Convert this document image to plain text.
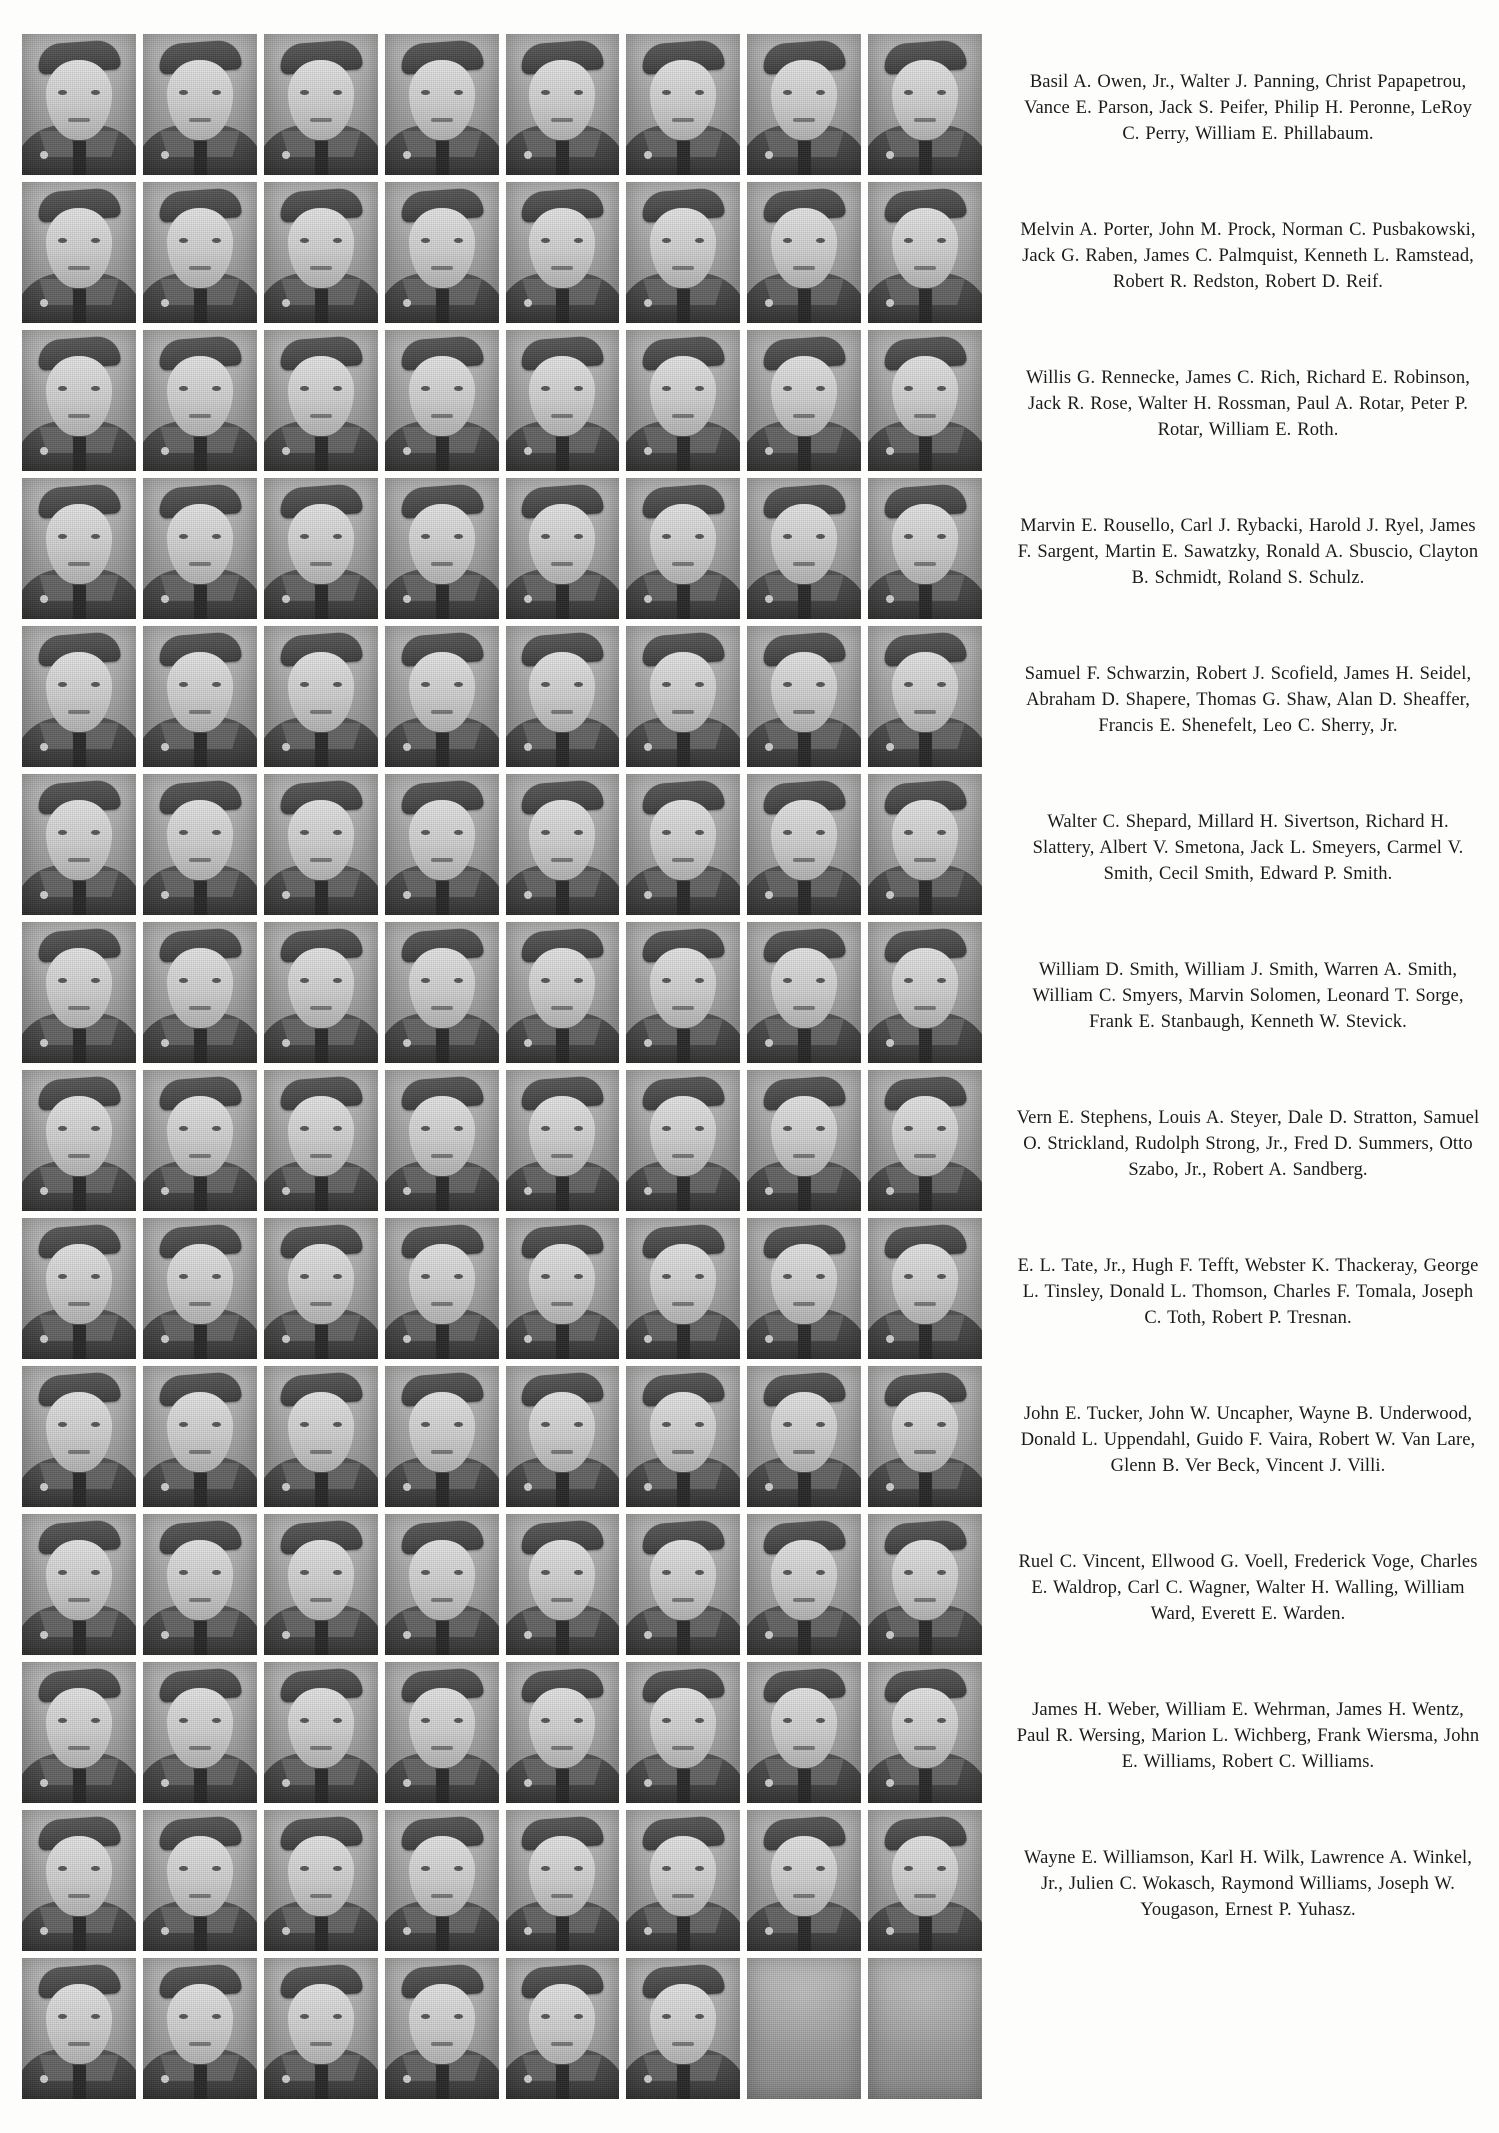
Basil A. Owen, Jr., Walter J. Panning, Christ Papapetrou, Vance E. Parson, Jack S. Peifer, Philip H. Peronne, LeRoy C. Perry, William E. Phillabaum.

Melvin A. Porter, John M. Prock, Norman C. Pusbakowski, Jack G. Raben, James C. Palmquist, Kenneth L. Ramstead, Robert R. Redston, Robert D. Reif.

Willis G. Rennecke, James C. Rich, Richard E. Robinson, Jack R. Rose, Walter H. Rossman, Paul A. Rotar, Peter P. Rotar, William E. Roth.

Marvin E. Rousello, Carl J. Rybacki, Harold J. Ryel, James F. Sargent, Martin E. Sawatzky, Ronald A. Sbuscio, Clayton B. Schmidt, Roland S. Schulz.

Samuel F. Schwarzin, Robert J. Scofield, James H. Seidel, Abraham D. Shapere, Thomas G. Shaw, Alan D. Sheaffer, Francis E. Shenefelt, Leo C. Sherry, Jr.

Walter C. Shepard, Millard H. Sivertson, Richard H. Slattery, Albert V. Smetona, Jack L. Smeyers, Carmel V. Smith, Cecil Smith, Edward P. Smith.

William D. Smith, William J. Smith, Warren A. Smith, William C. Smyers, Marvin Solomen, Leonard T. Sorge, Frank E. Stanbaugh, Kenneth W. Stevick.

Vern E. Stephens, Louis A. Steyer, Dale D. Stratton, Samuel O. Strickland, Rudolph Strong, Jr., Fred D. Summers, Otto Szabo, Jr., Robert A. Sandberg.

E. L. Tate, Jr., Hugh F. Tefft, Webster K. Thackeray, George L. Tinsley, Donald L. Thomson, Charles F. Tomala, Joseph C. Toth, Robert P. Tresnan.

John E. Tucker, John W. Uncapher, Wayne B. Underwood, Donald L. Uppendahl, Guido F. Vaira, Robert W. Van Lare, Glenn B. Ver Beck, Vincent J. Villi.

Ruel C. Vincent, Ellwood G. Voell, Frederick Voge, Charles E. Waldrop, Carl C. Wagner, Walter H. Walling, William Ward, Everett E. Warden.

James H. Weber, William E. Wehrman, James H. Wentz, Paul R. Wersing, Marion L. Wichberg, Frank Wiersma, John E. Williams, Robert C. Williams.

Wayne E. Williamson, Karl H. Wilk, Lawrence A. Winkel, Jr., Julien C. Wokasch, Raymond Williams, Joseph W. Yougason, Ernest P. Yuhasz.
